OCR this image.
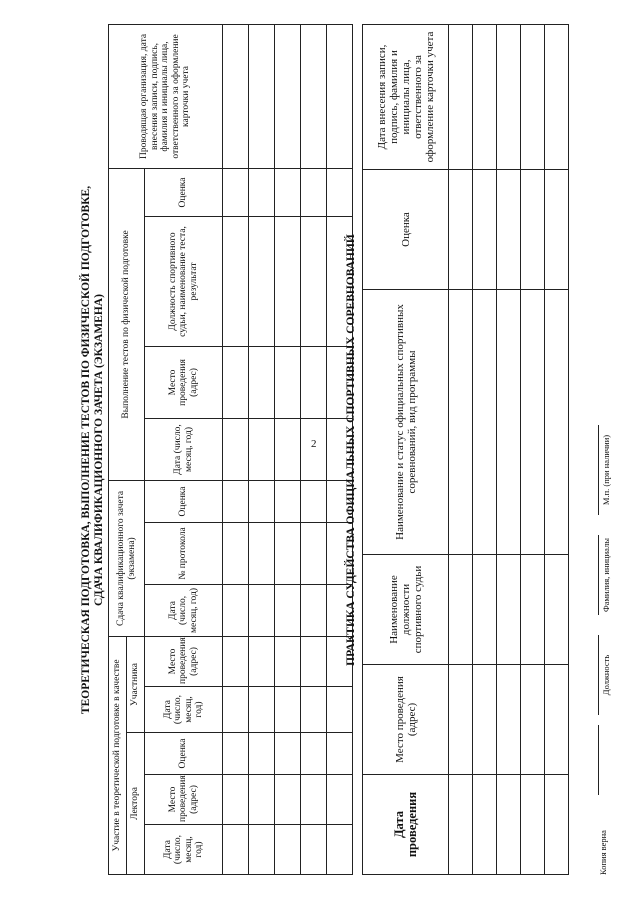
2
ТЕОРЕТИЧЕСКАЯ ПОДГОТОВКА, ВЫПОЛНЕНИЕ ТЕСТОВ ПО ФИЗИЧЕСКОЙ ПОДГОТОВКЕ, СДАЧА КВАЛИФИКАЦИОННОГО ЗАЧЕТА (ЭКЗАМЕНА)
Участие в теоретической подготовке в качестве					Сдача квалификационного зачета (экзамена)			Выполнение тестов по физической подготовке				Проводящая организация, дата внесения записи, подпись, фамилия и инициалы лица, ответственного за оформление карточки учета
Лектора			Участника									
Дата (число, месяц, год)	Место проведения (адрес)	Оценка	Дата (число, месяц, год)	Место проведения (адрес)	Дата (число, месяц, год)	№ протокола	Оценка	Дата (число, месяц, год)	Место проведения (адрес)	Должность спортивного судьи, наименование теста, результат	Оценка	

ПРАКТИКА СУДЕЙСТВА ОФИЦИАЛЬНЫХ СПОРТИВНЫХ СОРЕВНОВАНИЙ
Дата проведения	Место проведения (адрес)	Наименование должности спортивного судьи	Наименование и статус официальных спортивных соревнований, вид программы	Оценка	Дата внесения записи, подпись, фамилия и инициалы лица, ответственного за оформление карточки учета

Копия верна
Должность
Фамилия, инициалы
М.п. (при наличии)
